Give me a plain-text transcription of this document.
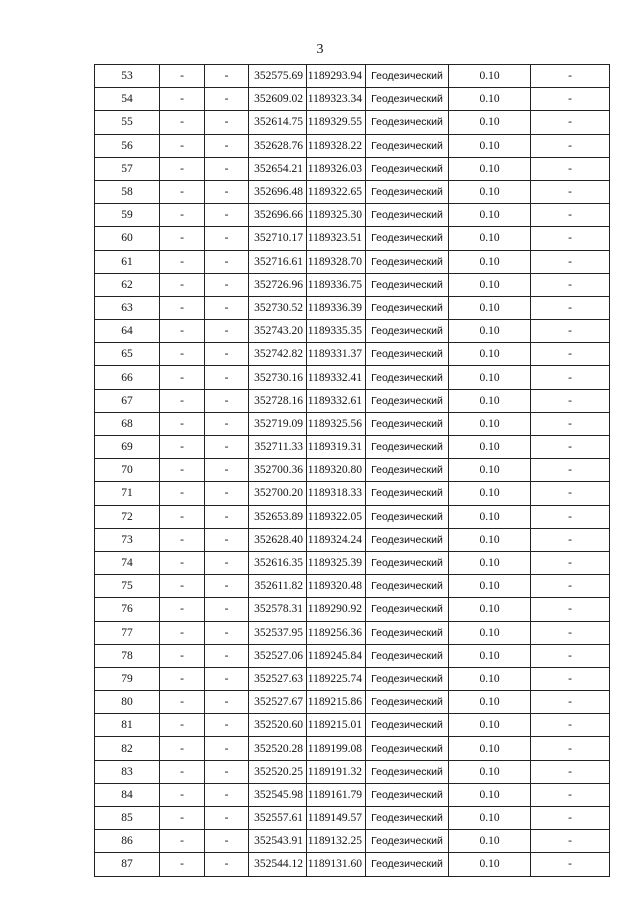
3
53	-	-	352575.69	1189293.94	Геодезический	0.10	-
54	-	-	352609.02	1189323.34	Геодезический	0.10	-
55	-	-	352614.75	1189329.55	Геодезический	0.10	-
56	-	-	352628.76	1189328.22	Геодезический	0.10	-
57	-	-	352654.21	1189326.03	Геодезический	0.10	-
58	-	-	352696.48	1189322.65	Геодезический	0.10	-
59	-	-	352696.66	1189325.30	Геодезический	0.10	-
60	-	-	352710.17	1189323.51	Геодезический	0.10	-
61	-	-	352716.61	1189328.70	Геодезический	0.10	-
62	-	-	352726.96	1189336.75	Геодезический	0.10	-
63	-	-	352730.52	1189336.39	Геодезический	0.10	-
64	-	-	352743.20	1189335.35	Геодезический	0.10	-
65	-	-	352742.82	1189331.37	Геодезический	0.10	-
66	-	-	352730.16	1189332.41	Геодезический	0.10	-
67	-	-	352728.16	1189332.61	Геодезический	0.10	-
68	-	-	352719.09	1189325.56	Геодезический	0.10	-
69	-	-	352711.33	1189319.31	Геодезический	0.10	-
70	-	-	352700.36	1189320.80	Геодезический	0.10	-
71	-	-	352700.20	1189318.33	Геодезический	0.10	-
72	-	-	352653.89	1189322.05	Геодезический	0.10	-
73	-	-	352628.40	1189324.24	Геодезический	0.10	-
74	-	-	352616.35	1189325.39	Геодезический	0.10	-
75	-	-	352611.82	1189320.48	Геодезический	0.10	-
76	-	-	352578.31	1189290.92	Геодезический	0.10	-
77	-	-	352537.95	1189256.36	Геодезический	0.10	-
78	-	-	352527.06	1189245.84	Геодезический	0.10	-
79	-	-	352527.63	1189225.74	Геодезический	0.10	-
80	-	-	352527.67	1189215.86	Геодезический	0.10	-
81	-	-	352520.60	1189215.01	Геодезический	0.10	-
82	-	-	352520.28	1189199.08	Геодезический	0.10	-
83	-	-	352520.25	1189191.32	Геодезический	0.10	-
84	-	-	352545.98	1189161.79	Геодезический	0.10	-
85	-	-	352557.61	1189149.57	Геодезический	0.10	-
86	-	-	352543.91	1189132.25	Геодезический	0.10	-
87	-	-	352544.12	1189131.60	Геодезический	0.10	-
